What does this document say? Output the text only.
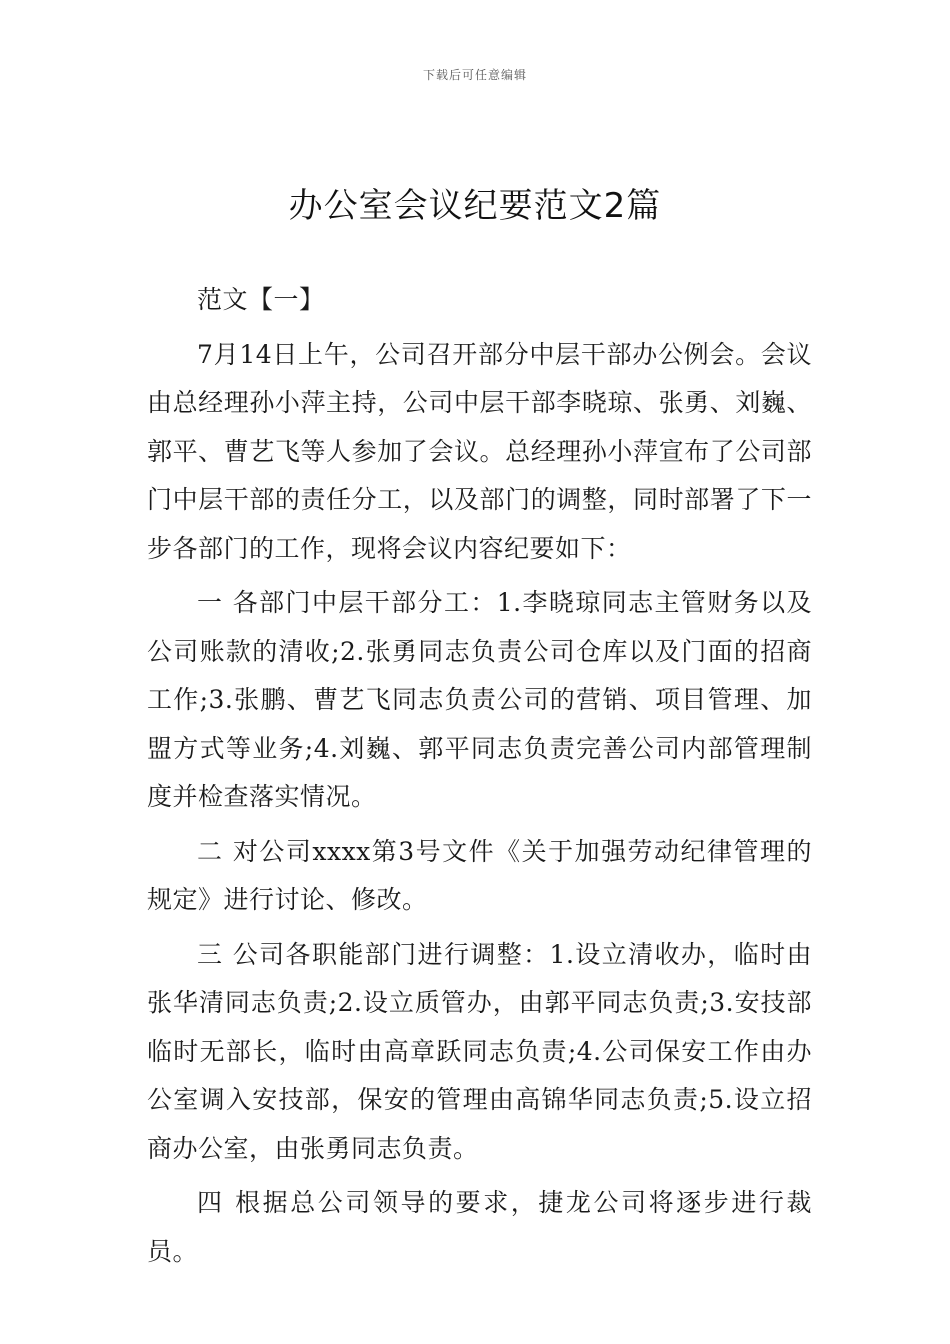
下载后可任意编辑
办公室会议纪要范文2篇

范文【一】

7月14日上午，公司召开部分中层干部办公例会。会议由总经理孙小萍主持，公司中层干部李晓琼、张勇、刘巍、郭平、曹艺飞等人参加了会议。总经理孙小萍宣布了公司部门中层干部的责任分工，以及部门的调整，同时部署了下一步各部门的工作，现将会议内容纪要如下：

一 各部门中层干部分工：1.李晓琼同志主管财务以及公司账款的清收;2.张勇同志负责公司仓库以及门面的招商工作;3.张鹏、曹艺飞同志负责公司的营销、项目管理、加盟方式等业务;4.刘巍、郭平同志负责完善公司内部管理制度并检查落实情况。

二 对公司xxxx第3号文件《关于加强劳动纪律管理的规定》进行讨论、修改。

三 公司各职能部门进行调整：1.设立清收办，临时由张华清同志负责;2.设立质管办，由郭平同志负责;3.安技部临时无部长，临时由高章跃同志负责;4.公司保安工作由办公室调入安技部，保安的管理由高锦华同志负责;5.设立招商办公室，由张勇同志负责。

四 根据总公司领导的要求，捷龙公司将逐步进行裁员。
